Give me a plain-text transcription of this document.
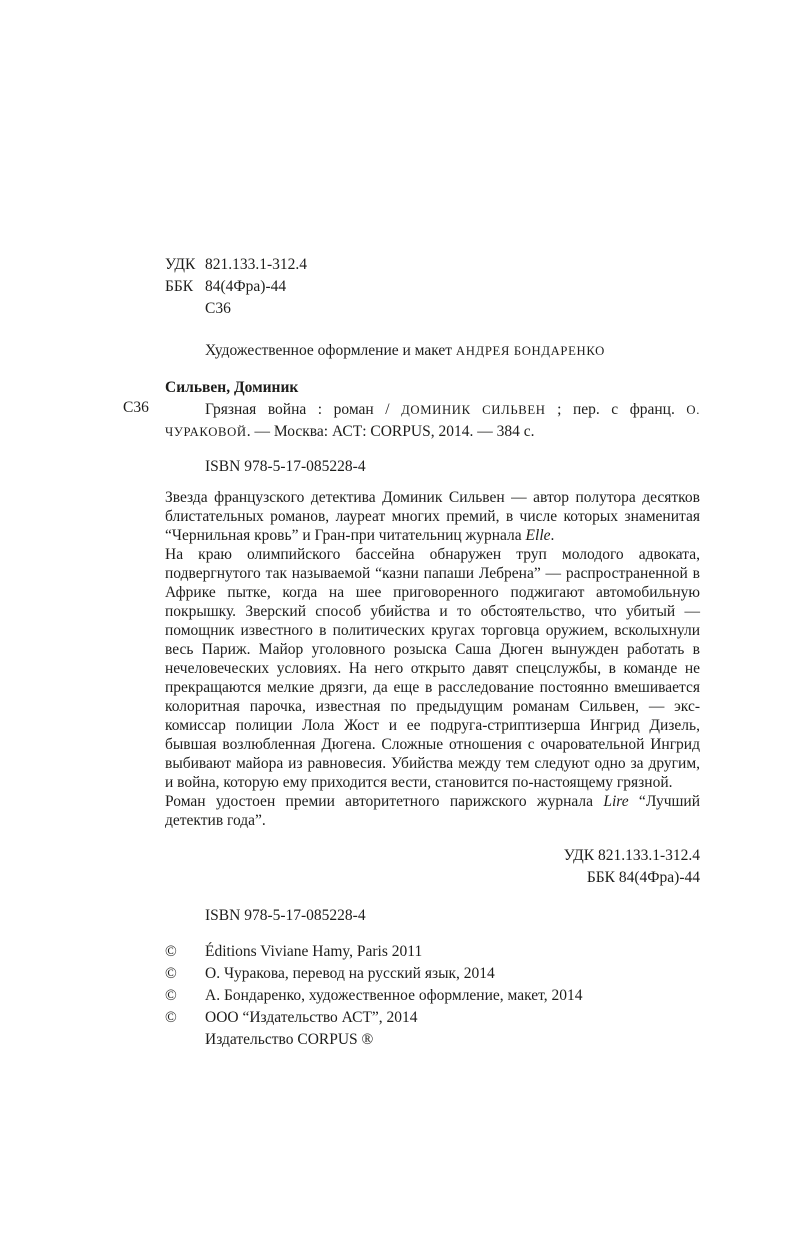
УДК 821.133.1-312.4
ББК 84(4Фра)-44
С36
Художественное оформление и макет АНДРЕЯ БОНДАРЕНКО

Сильвен, Доминик

С36	Грязная война : роман / ДОМИНИК СИЛЬВЕН ; пер. с франц. О. ЧУРАКОВОЙ. — Москва: АСТ: CORPUS, 2014. — 384 с.

ISBN 978-5-17-085228-4

Звезда французского детектива Доминик Сильвен — автор полутора десятков блистательных романов, лауреат многих премий, в числе которых знаменитая “Чернильная кровь” и Гран-при читательниц журнала Elle.

На краю олимпийского бассейна обнаружен труп молодого адвоката, подвергнутого так называемой “казни папаши Лебрена” — распространенной в Африке пытке, когда на шее приговоренного поджигают автомобильную покрышку. Зверский способ убийства и то обстоятельство, что убитый — помощник известного в политических кругах торговца оружием, всколыхнули весь Париж. Майор уголовного розыска Саша Дюген вынужден работать в нечеловеческих условиях. На него открыто давят спецслужбы, в команде не прекращаются мелкие дрязги, да еще в расследование постоянно вмешивается колоритная парочка, известная по предыдущим романам Сильвен, — экс-комиссар полиции Лола Жост и ее подруга-стриптизерша Ингрид Дизель, бывшая возлюбленная Дюгена. Сложные отношения с очаровательной Ингрид выбивают майора из равновесия. Убийства между тем следуют одно за другим, и война, которую ему приходится вести, становится по-настоящему грязной.

Роман удостоен премии авторитетного парижского журнала Lire “Лучший детектив года”.

УДК 821.133.1-312.4
ББК 84(4Фра)-44
ISBN 978-5-17-085228-4
©	Éditions Viviane Hamy, Paris 2011
©	О. Чуракова, перевод на русский язык, 2014
©	А. Бондаренко, художественное оформление, макет, 2014
©	ООО “Издательство АСТ”, 2014
Издательство CORPUS ®
